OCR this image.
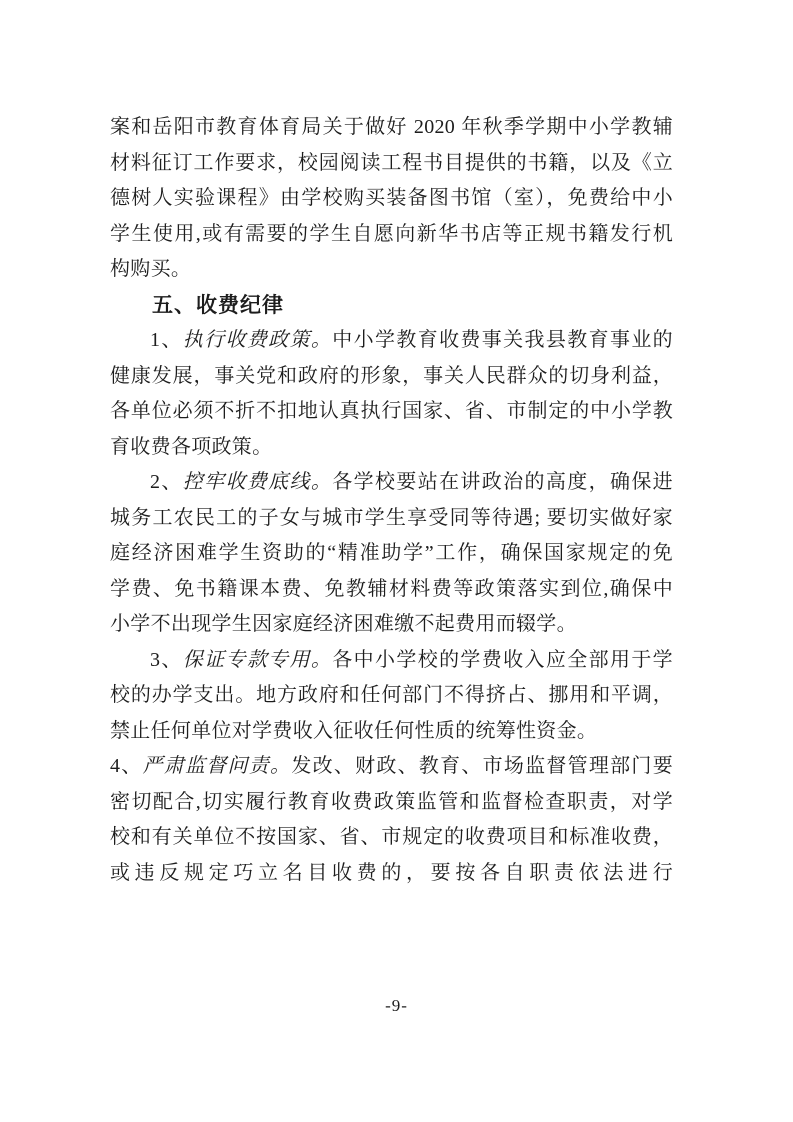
案和岳阳市教育体育局关于做好 2020 年秋季学期中小学教辅
材料征订工作要求，校园阅读工程书目提供的书籍，以及《立
德树人实验课程》由学校购买装备图书馆（室），免费给中小
学生使用,或有需要的学生自愿向新华书店等正规书籍发行机
构购买。
五、收费纪律
1、执行收费政策。中小学教育收费事关我县教育事业的
健康发展，事关党和政府的形象，事关人民群众的切身利益，
各单位必须不折不扣地认真执行国家、省、市制定的中小学教
育收费各项政策。
2、控牢收费底线。各学校要站在讲政治的高度，确保进
城务工农民工的子女与城市学生享受同等待遇; 要切实做好家
庭经济困难学生资助的“精准助学”工作，确保国家规定的免
学费、免书籍课本费、免教辅材料费等政策落实到位,确保中
小学不出现学生因家庭经济困难缴不起费用而辍学。
3、保证专款专用。各中小学校的学费收入应全部用于学
校的办学支出。地方政府和任何部门不得挤占、挪用和平调，
禁止任何单位对学费收入征收任何性质的统筹性资金。
4、严肃监督问责。发改、财政、教育、市场监督管理部门要
密切配合,切实履行教育收费政策监管和监督检查职责，对学
校和有关单位不按国家、省、市规定的收费项目和标准收费，
或违反规定巧立名目收费的，要按各自职责依法进行
-9-
